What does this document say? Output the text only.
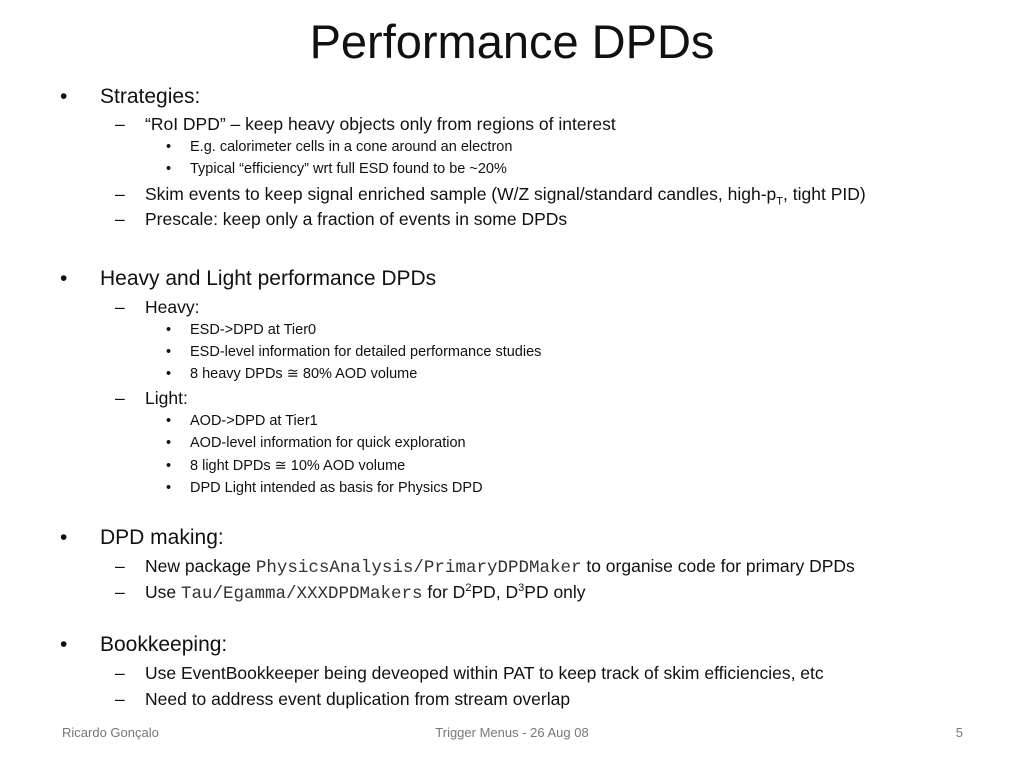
Performance DPDs
• Strategies:
– “RoI DPD” – keep heavy objects only from regions of interest
• E.g. calorimeter cells in a cone around an electron
• Typical “efficiency” wrt full ESD found to be ~20%
– Skim events to keep signal enriched sample (W/Z signal/standard candles, high-$p_T$, tight PID)
– Prescale: keep only a fraction of events in some DPDs
• Heavy and Light performance DPDs
– Heavy:
• ESD->DPD at Tier0
• ESD-level information for detailed performance studies
• 8 heavy DPDs ≅ 80% AOD volume
– Light:
• AOD->DPD at Tier1
• AOD-level information for quick exploration
• 8 light DPDs ≅ 10% AOD volume
• DPD Light intended as basis for Physics DPD
• DPD making:
– New package PhysicsAnalysis/PrimaryDPDMaker to organise code for primary DPDs
– Use Tau/Egamma/XXXDPDMakers for $D^2PD$, $D^3PD$ only
• Bookkeeping:
– Use EventBookkeeper being deveoped within PAT to keep track of skim efficiencies, etc
– Need to address event duplication from stream overlap
Ricardo Gonçalo	Trigger Menus - 26 Aug 08	5
